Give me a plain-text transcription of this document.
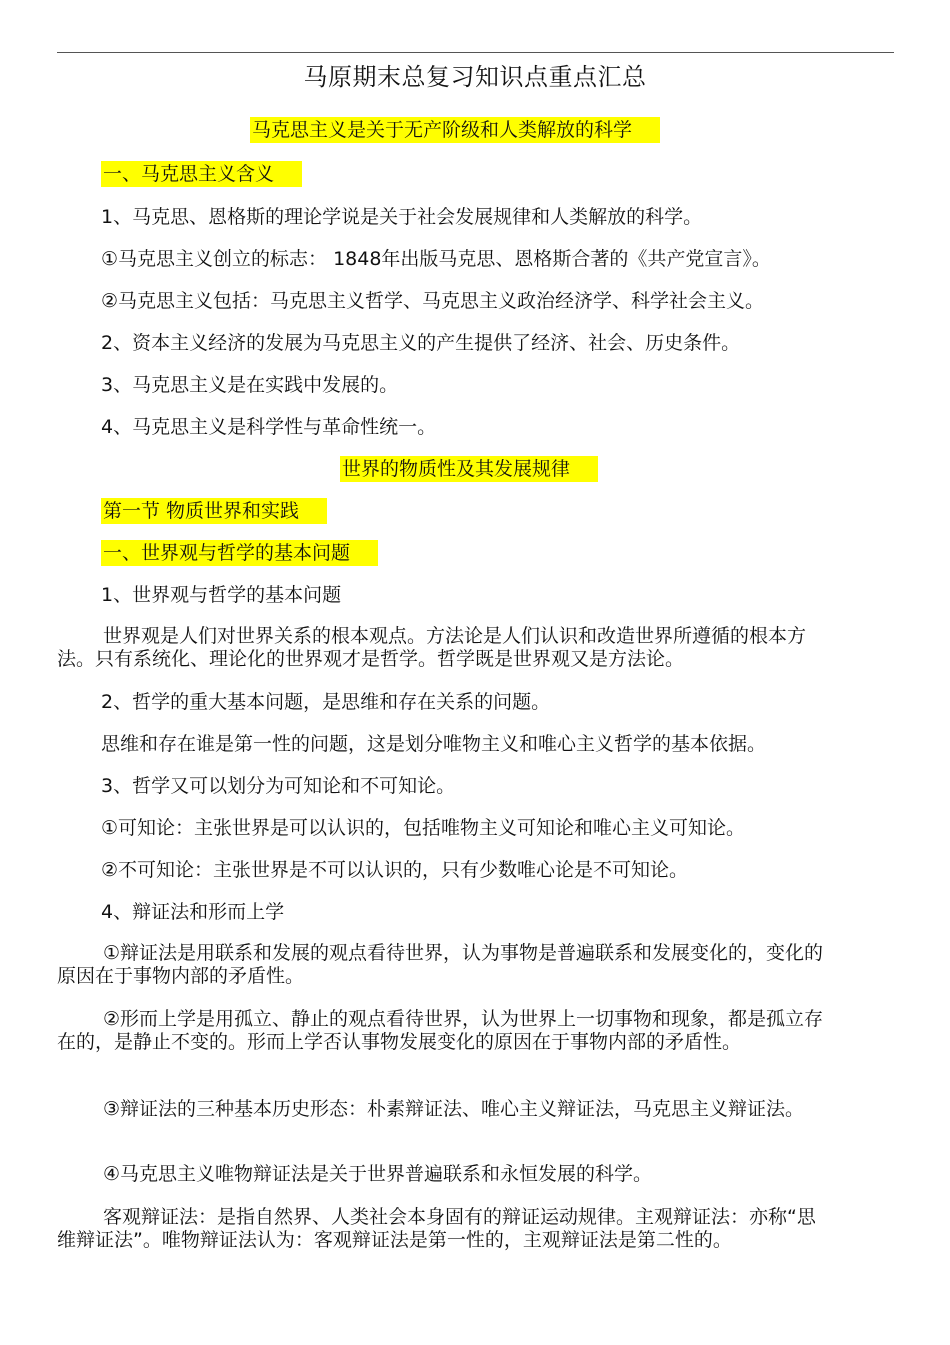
马原期末总复习知识点重点汇总
马克思主义是关于无产阶级和人类解放的科学
一、马克思主义含义
1、马克思、恩格斯的理论学说是关于社会发展规律和人类解放的科学。
①马克思主义创立的标志： 1848年出版马克思、恩格斯合著的《共产党宣言》。
②马克思主义包括：马克思主义哲学、马克思主义政治经济学、科学社会主义。
2、资本主义经济的发展为马克思主义的产生提供了经济、社会、历史条件。
3、马克思主义是在实践中发展的。
4、马克思主义是科学性与革命性统一。
世界的物质性及其发展规律
第一节 物质世界和实践
一、世界观与哲学的基本问题
1、世界观与哲学的基本问题
世界观是人们对世界关系的根本观点。方法论是人们认识和改造世界所遵循的根本方法。只有系统化、理论化的世界观才是哲学。哲学既是世界观又是方法论。
2、哲学的重大基本问题，是思维和存在关系的问题。
思维和存在谁是第一性的问题，这是划分唯物主义和唯心主义哲学的基本依据。
3、哲学又可以划分为可知论和不可知论。
①可知论：主张世界是可以认识的，包括唯物主义可知论和唯心主义可知论。
②不可知论：主张世界是不可以认识的，只有少数唯心论是不可知论。
4、辩证法和形而上学
①辩证法是用联系和发展的观点看待世界，认为事物是普遍联系和发展变化的，变化的原因在于事物内部的矛盾性。
②形而上学是用孤立、静止的观点看待世界，认为世界上一切事物和现象，都是孤立存在的，是静止不变的。形而上学否认事物发展变化的原因在于事物内部的矛盾性。
③辩证法的三种基本历史形态：朴素辩证法、唯心主义辩证法，马克思主义辩证法。
④马克思主义唯物辩证法是关于世界普遍联系和永恒发展的科学。
客观辩证法：是指自然界、人类社会本身固有的辩证运动规律。主观辩证法：亦称“思维辩证法”。唯物辩证法认为：客观辩证法是第一性的，主观辩证法是第二性的。
